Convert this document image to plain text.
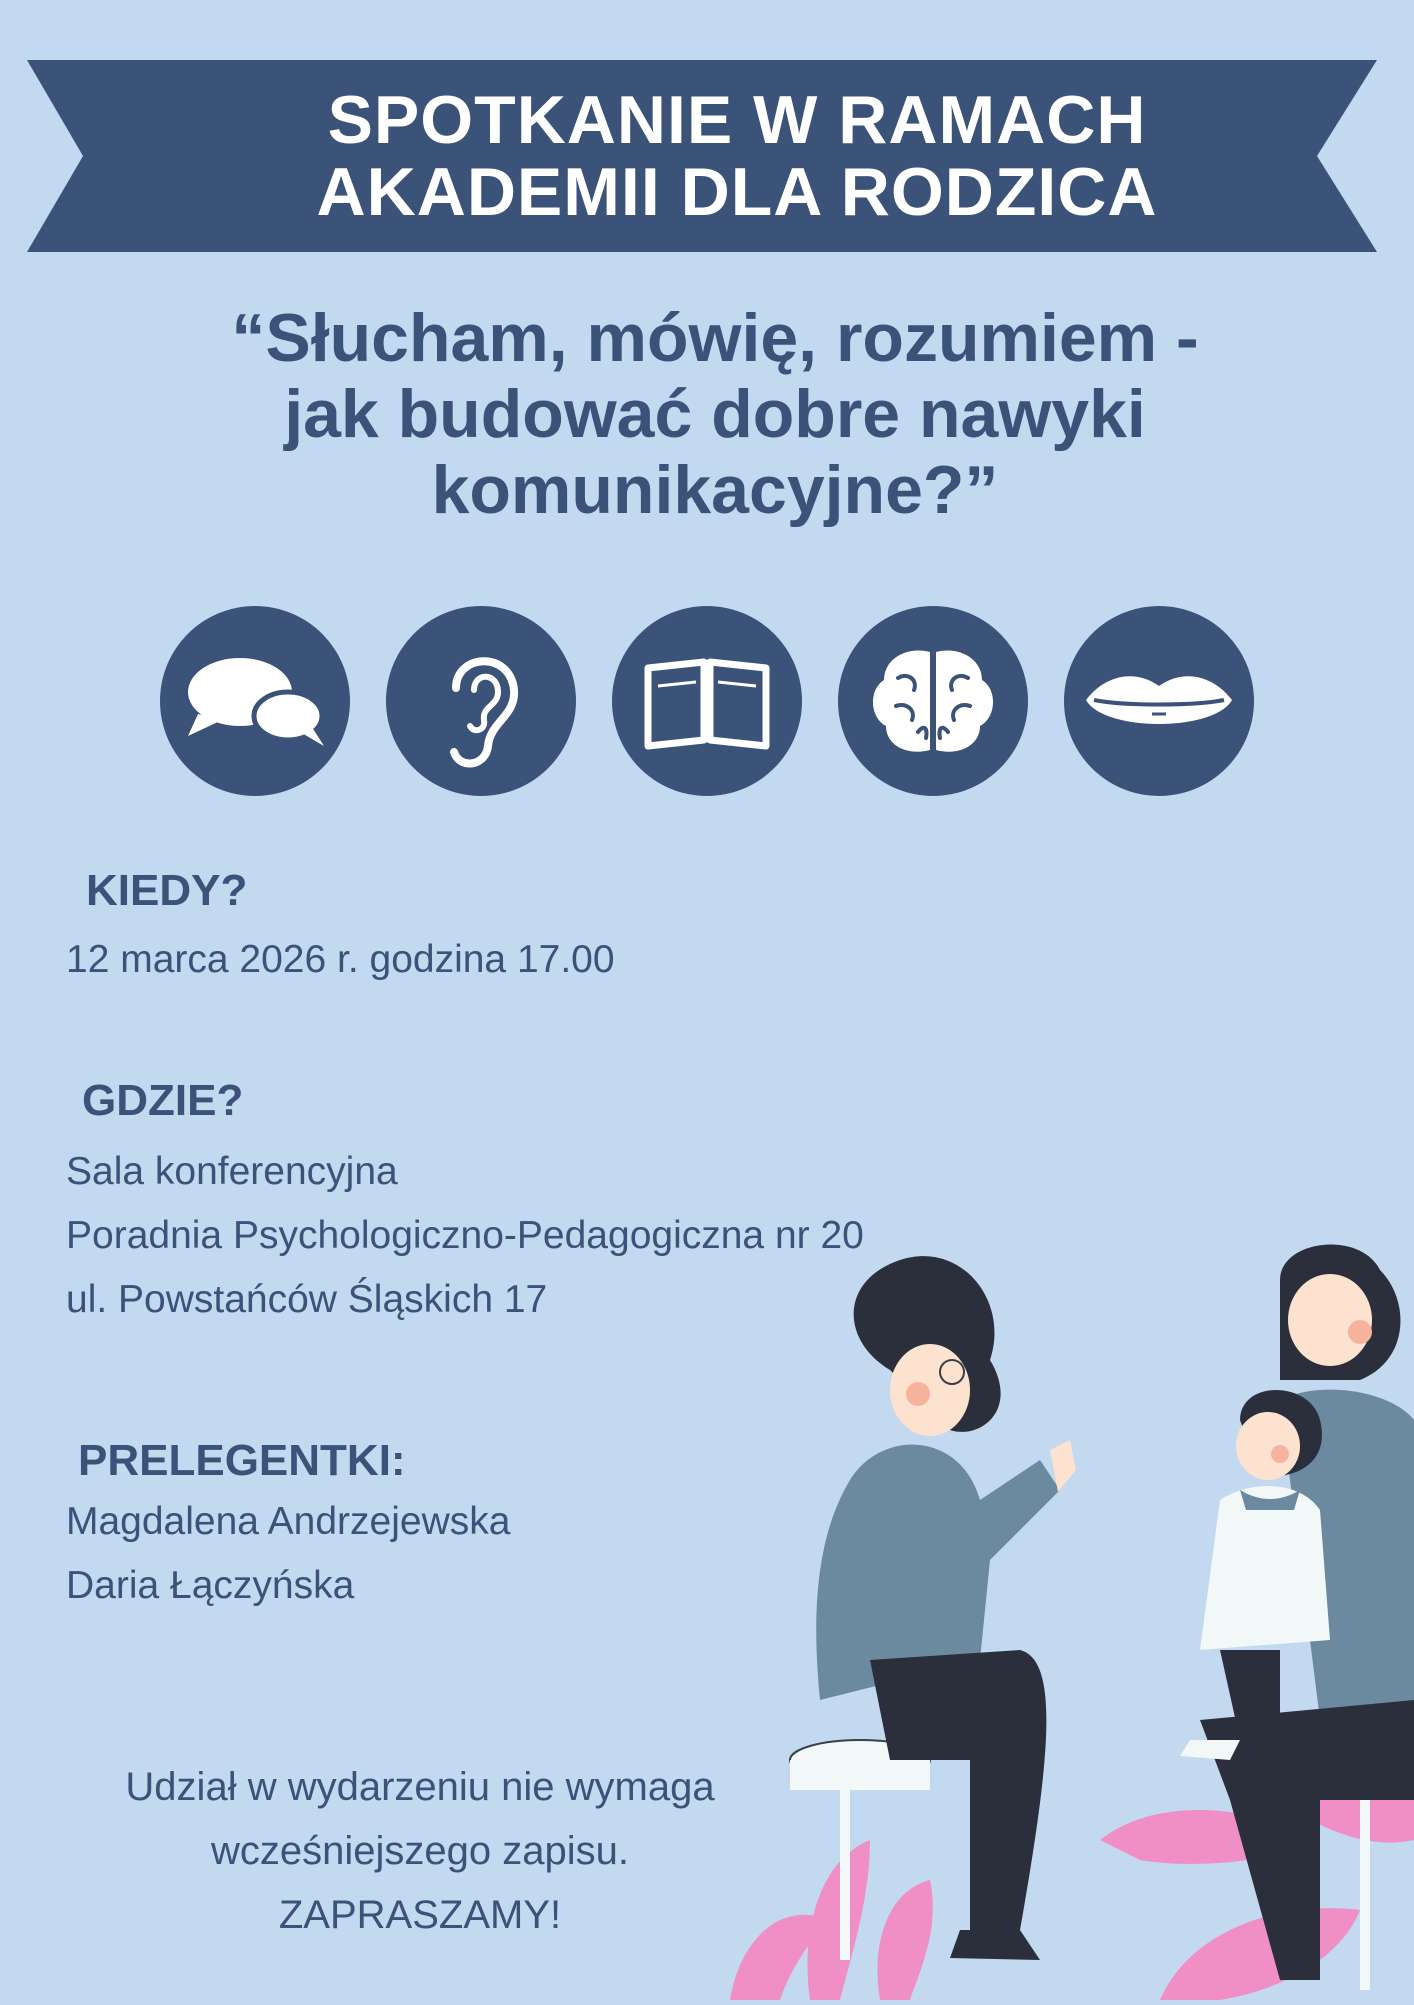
SPOTKANIE W RAMACH
AKADEMII DLA RODZICA
“Słucham, mówię, rozumiem -
jak budować dobre nawyki
komunikacyjne?”
KIEDY?
12 marca 2026 r. godzina 17.00
GDZIE?
Sala konferencyjna
Poradnia Psychologiczno-Pedagogiczna nr 20
ul. Powstańców Śląskich 17
PRELEGENTKI:
Magdalena Andrzejewska
Daria Łączyńska
Udział w wydarzeniu nie wymaga
wcześniejszego zapisu.
ZAPRASZAMY!
